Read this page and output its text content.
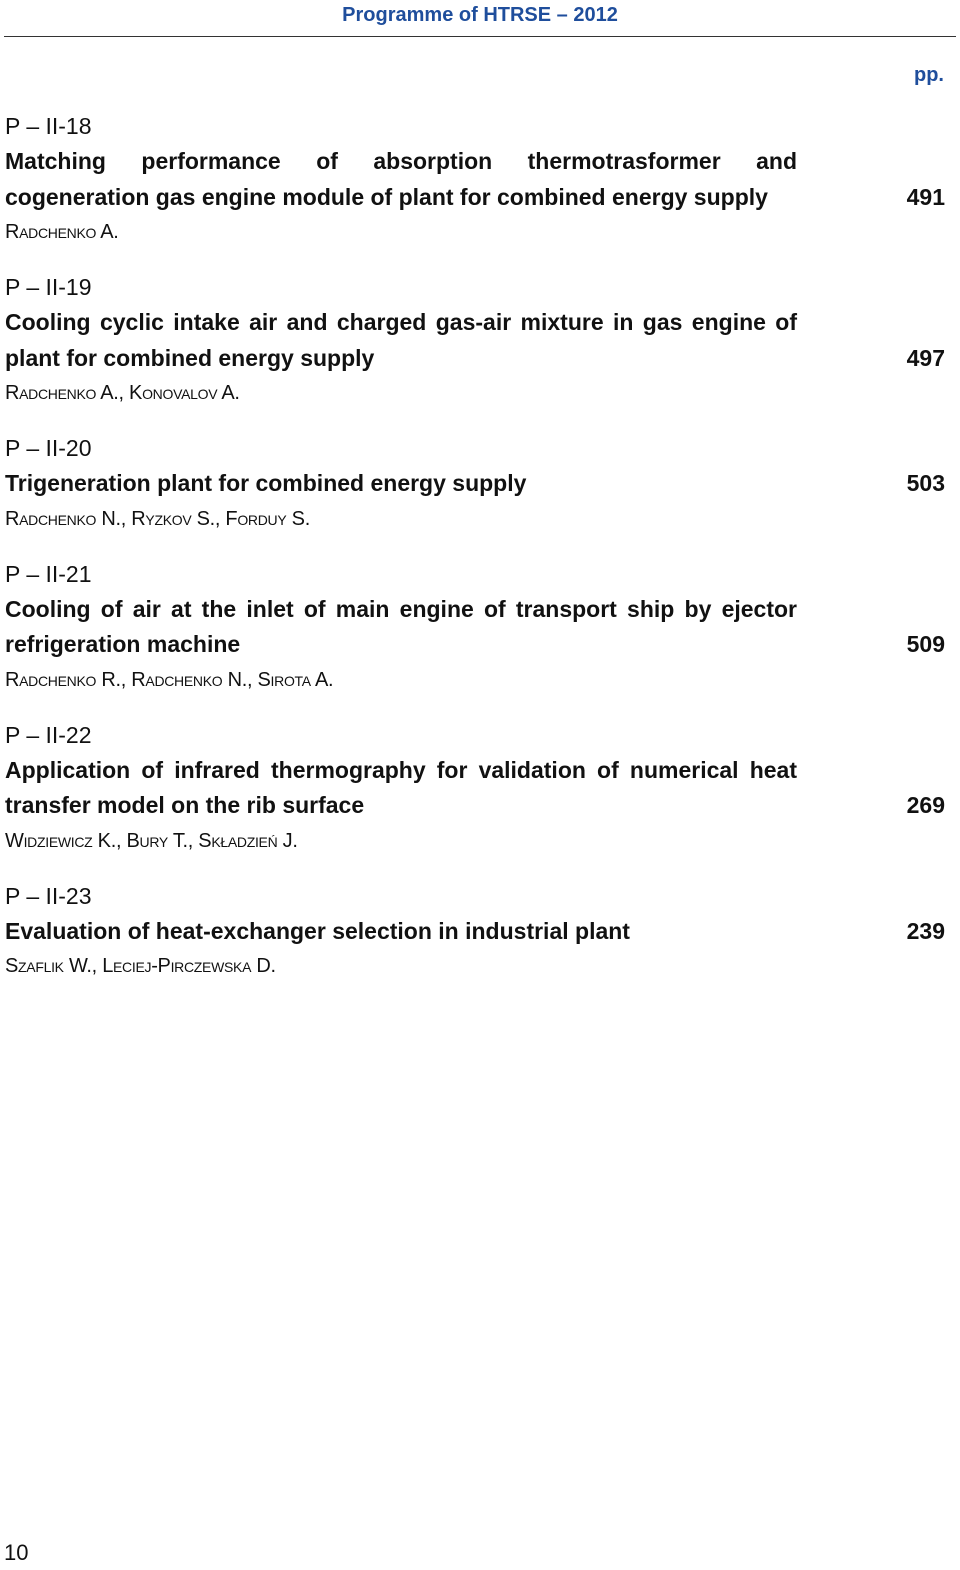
Programme of HTRSE – 2012
pp.
P – II-18
Matching performance of absorption thermotrasformer and cogeneration gas engine module of plant for combined energy supply	491
Radchenko A.
P – II-19
Cooling cyclic intake air and charged gas-air mixture in gas engine of plant for combined energy supply	497
Radchenko A., Konovalov A.
P – II-20
Trigeneration plant for combined energy supply	503
Radchenko N., Ryzkov S., Forduy S.
P – II-21
Cooling of air at the inlet of main engine of transport ship by ejector refrigeration machine	509
Radchenko R., Radchenko N., Sirota A.
P – II-22
Application of infrared thermography for validation of numerical heat transfer model on the rib surface	269
Widziewicz K., Bury T., Składzień J.
P – II-23
Evaluation of heat-exchanger selection in industrial plant	239
Szaflik W., Leciej-Pirczewska D.
10
